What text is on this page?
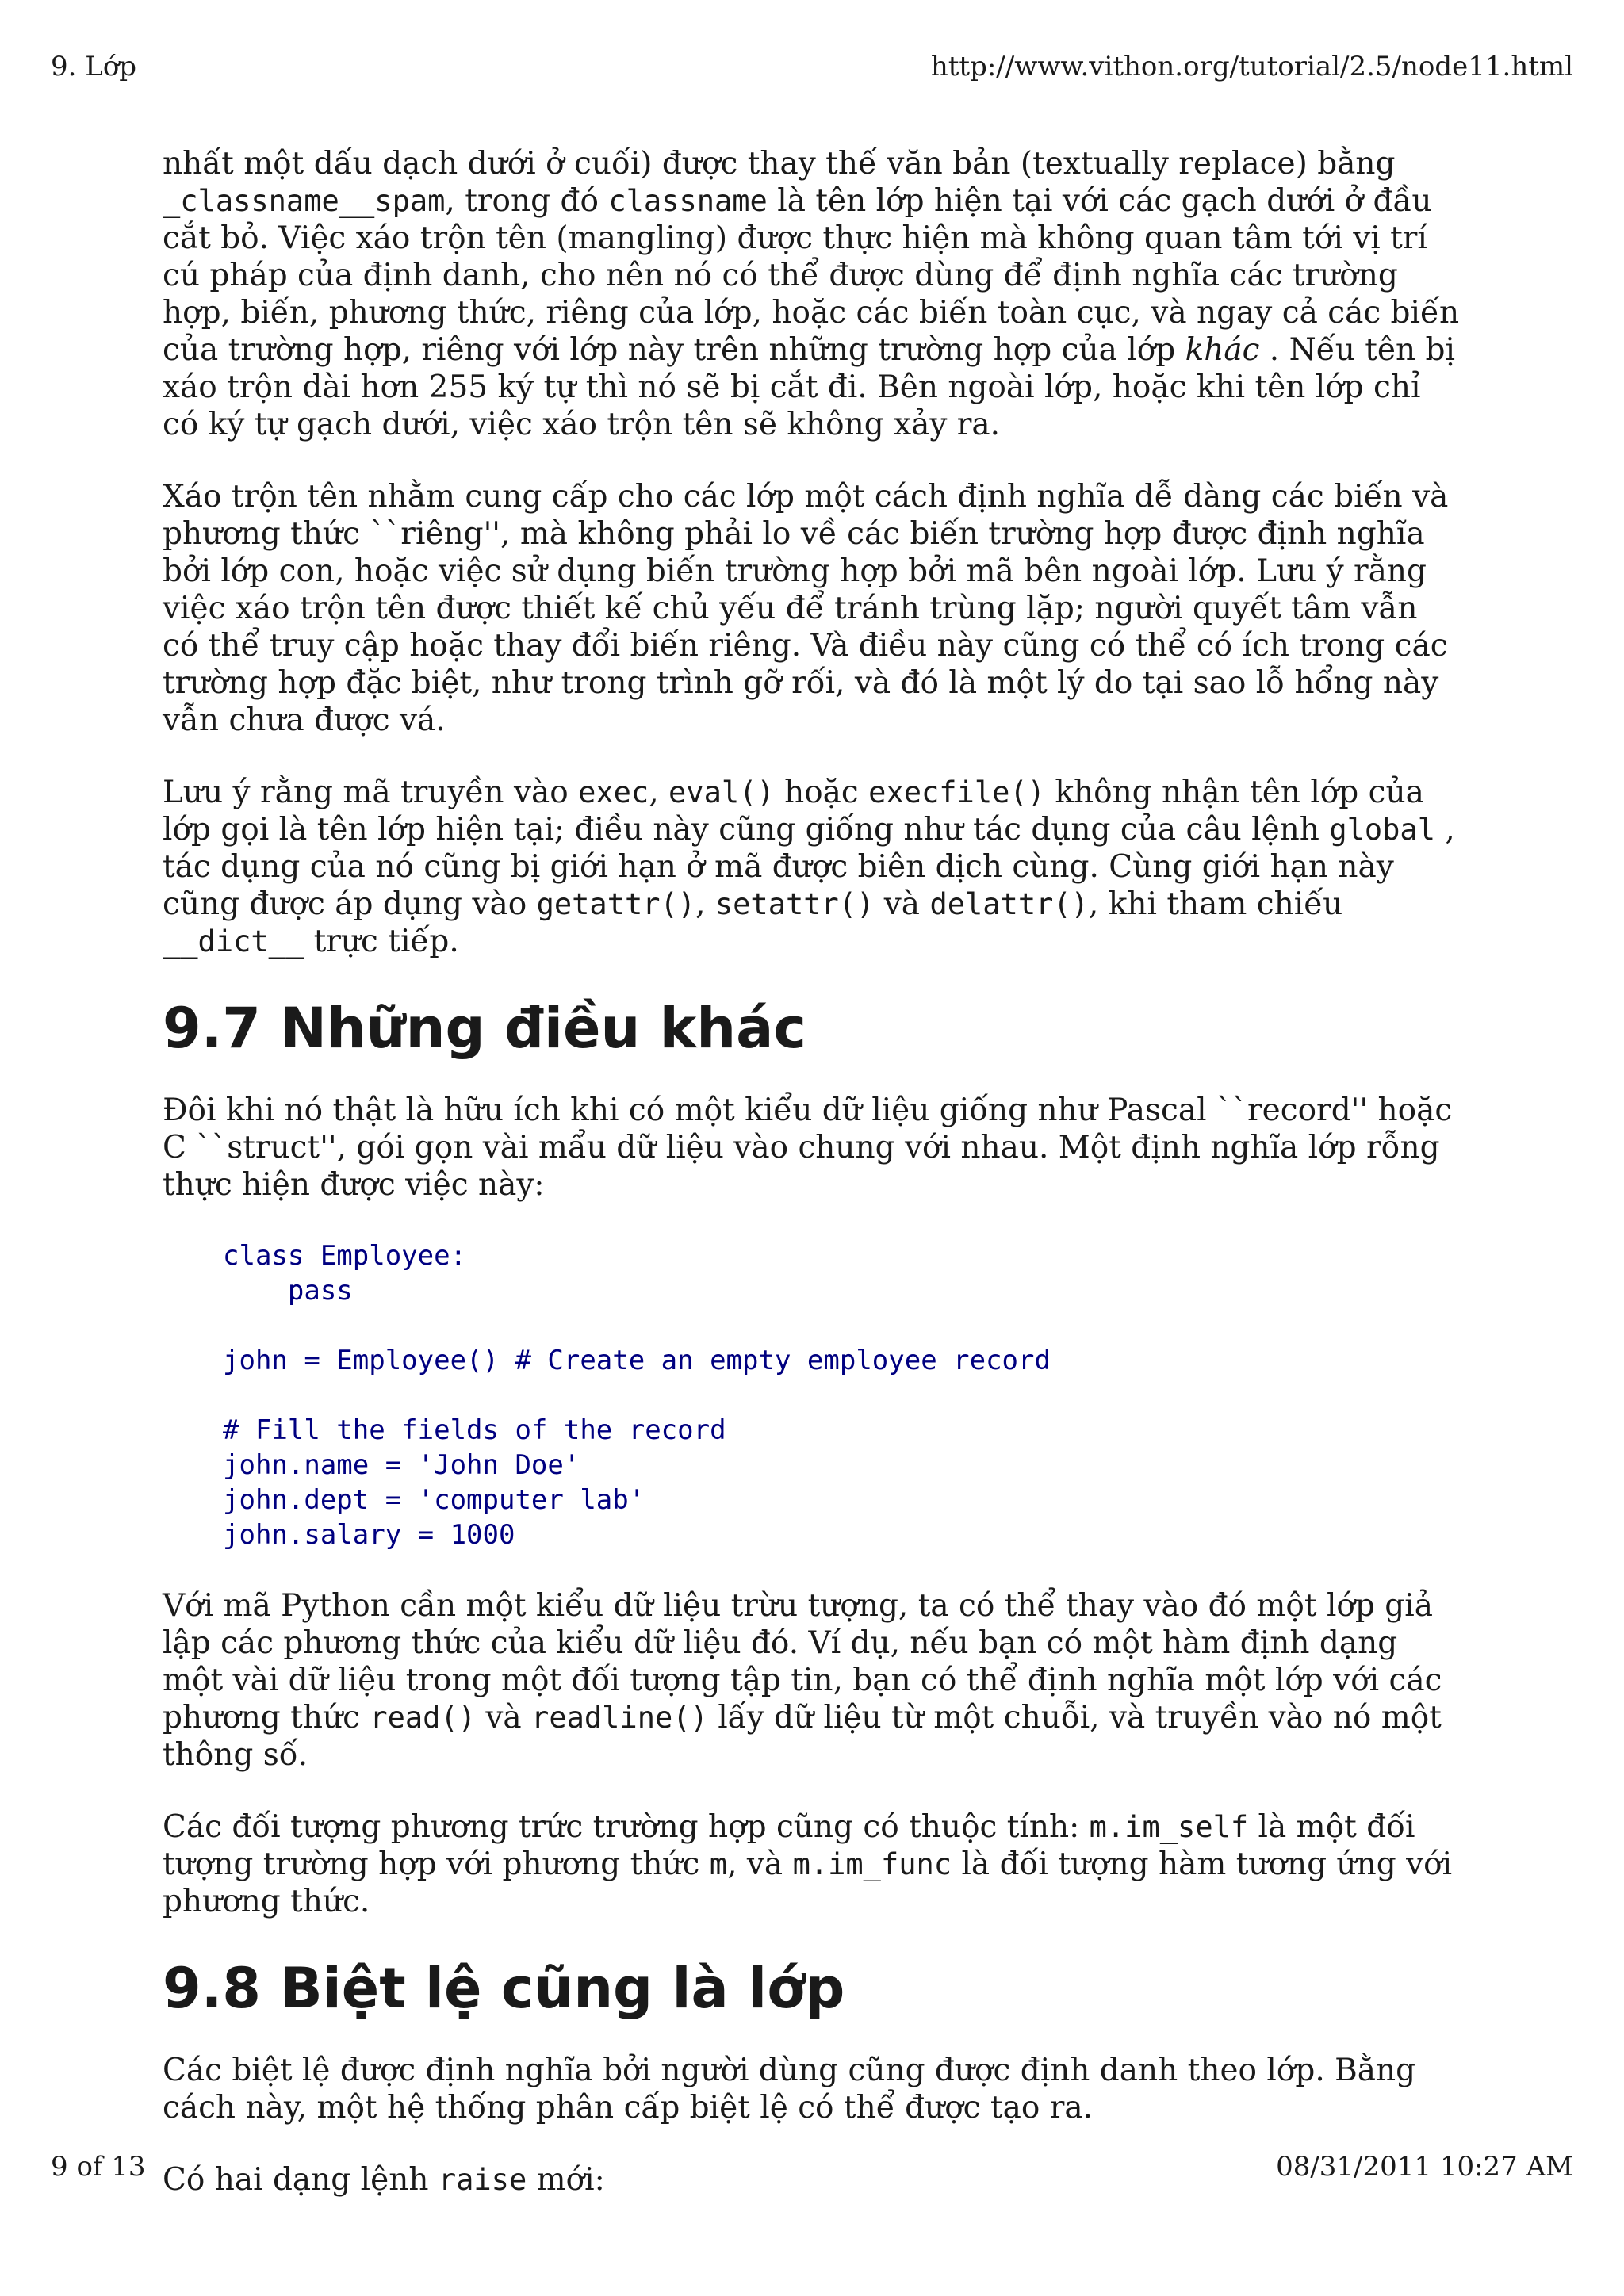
9. Lớp	http://www.vithon.org/tutorial/2.5/node11.html

nhất một dấu dạch dưới ở cuối) được thay thế văn bản (textually replace) bằng _classname__spam, trong đó classname là tên lớp hiện tại với các gạch dưới ở đầu cắt bỏ. Việc xáo trộn tên (mangling) được thực hiện mà không quan tâm tới vị trí cú pháp của định danh, cho nên nó có thể được dùng để định nghĩa các trường hợp, biến, phương thức, riêng của lớp, hoặc các biến toàn cục, và ngay cả các biến của trường hợp, riêng với lớp này trên những trường hợp của lớp khác . Nếu tên bị xáo trộn dài hơn 255 ký tự thì nó sẽ bị cắt đi. Bên ngoài lớp, hoặc khi tên lớp chỉ có ký tự gạch dưới, việc xáo trộn tên sẽ không xảy ra.

Xáo trộn tên nhằm cung cấp cho các lớp một cách định nghĩa dễ dàng các biến và phương thức ``riêng'', mà không phải lo về các biến trường hợp được định nghĩa bởi lớp con, hoặc việc sử dụng biến trường hợp bởi mã bên ngoài lớp. Lưu ý rằng việc xáo trộn tên được thiết kế chủ yếu để tránh trùng lặp; người quyết tâm vẫn có thể truy cập hoặc thay đổi biến riêng. Và điều này cũng có thể có ích trong các trường hợp đặc biệt, như trong trình gỡ rối, và đó là một lý do tại sao lỗ hổng này vẫn chưa được vá.

Lưu ý rằng mã truyền vào exec, eval() hoặc execfile() không nhận tên lớp của lớp gọi là tên lớp hiện tại; điều này cũng giống như tác dụng của câu lệnh global , tác dụng của nó cũng bị giới hạn ở mã được biên dịch cùng. Cùng giới hạn này cũng được áp dụng vào getattr(), setattr() và delattr(), khi tham chiếu __dict__ trực tiếp.

9.7 Những điều khác

Đôi khi nó thật là hữu ích khi có một kiểu dữ liệu giống như Pascal ``record'' hoặc C ``struct'', gói gọn vài mẩu dữ liệu vào chung với nhau. Một định nghĩa lớp rỗng thực hiện được việc này:

class Employee:
pass
john = Employee() # Create an empty employee record
# Fill the fields of the record
john.name = 'John Doe'
john.dept = 'computer lab'
john.salary = 1000

Với mã Python cần một kiểu dữ liệu trừu tượng, ta có thể thay vào đó một lớp giả lập các phương thức của kiểu dữ liệu đó. Ví dụ, nếu bạn có một hàm định dạng một vài dữ liệu trong một đối tượng tập tin, bạn có thể định nghĩa một lớp với các phương thức read() và readline() lấy dữ liệu từ một chuỗi, và truyền vào nó một thông số.

Các đối tượng phương trức trường hợp cũng có thuộc tính: m.im_self là một đối tượng trường hợp với phương thức m, và m.im_func là đối tượng hàm tương ứng với phương thức.

9.8 Biệt lệ cũng là lớp

Các biệt lệ được định nghĩa bởi người dùng cũng được định danh theo lớp. Bằng cách này, một hệ thống phân cấp biệt lệ có thể được tạo ra.

Có hai dạng lệnh raise mới:

9 of 13	08/31/2011 10:27 AM
